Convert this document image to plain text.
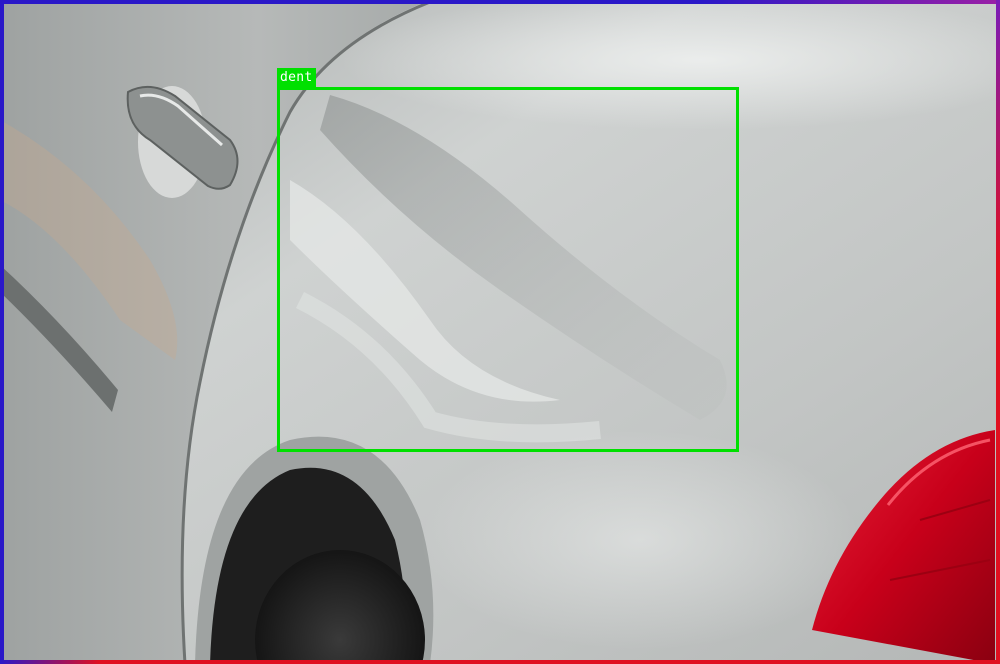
dent
